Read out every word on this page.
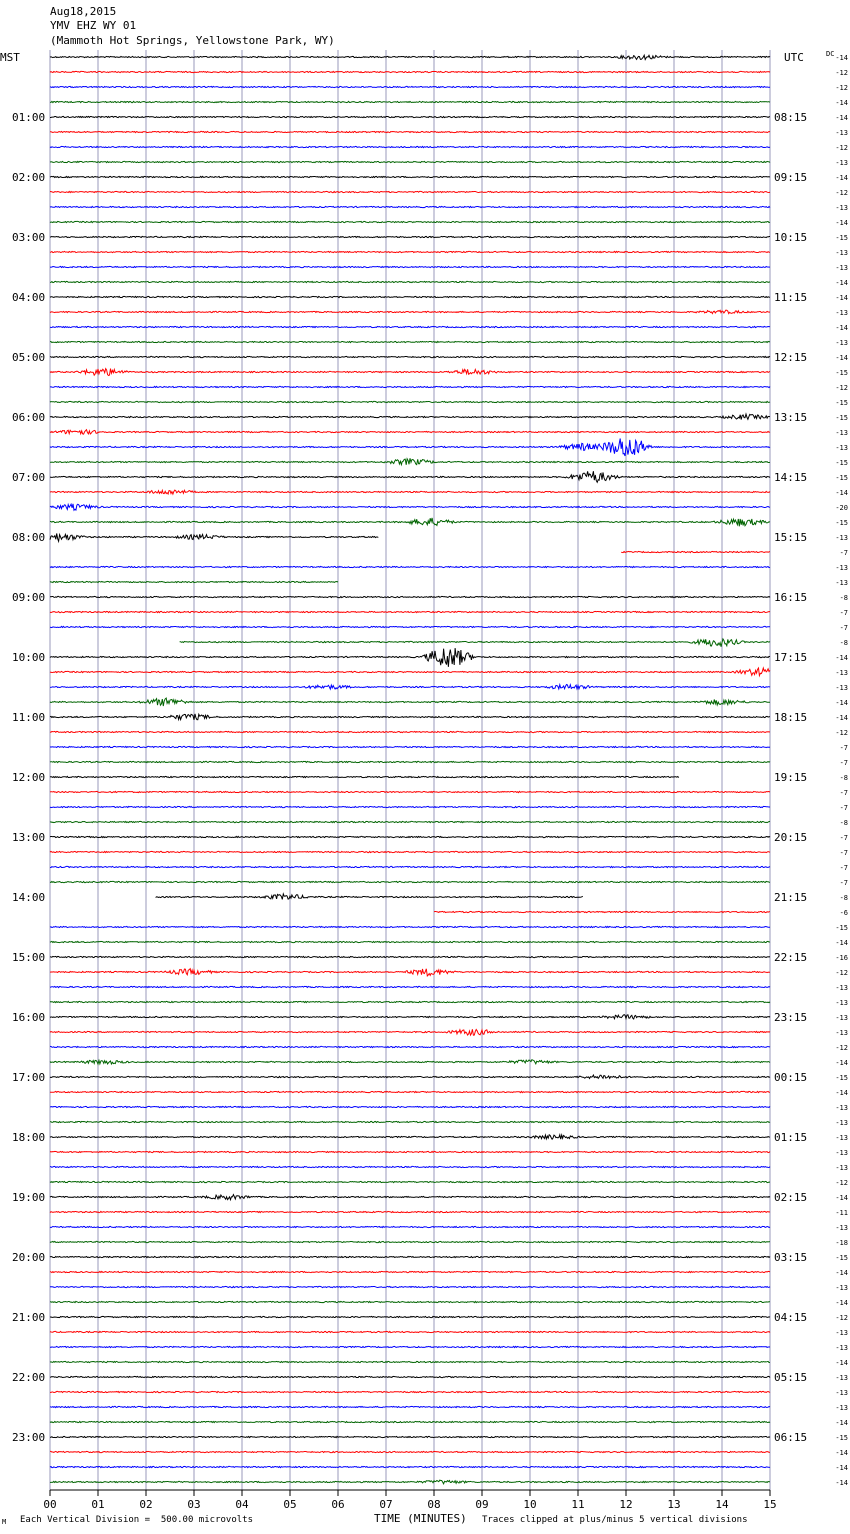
Aug18,2015
YMV EHZ WY 01
(Mammoth Hot Springs, Yellowstone Park, WY)
01:00	08:15
02:00	09:15
03:00	10:15
04:00	11:15
05:00	12:15
06:00	13:15
07:00	14:15
08:00	15:15
09:00	16:15
10:00	17:15
11:00	18:15
12:00	19:15
13:00	20:15
14:00	21:15
15:00	22:15
16:00	23:15
17:00	00:15
18:00	01:15
19:00	02:15
20:00	03:15
21:00	04:15
22:00	05:15
23:00	06:15
MST	UTC	DC -14
-12
-12
-14
-14
-13
-12
-13
-14
-12
-13
-14
-15
-13
-13
-14
-14
-13
-14
-13
-14
-15
-12
-15
-15
-13
-13
-15
-15
-14
-20
-15
-13
-7
-13
-13
-8
-7
-7
-8
-14
-13
-13
-14
-14
-12
-7
-7
-8
-7
-7
-8
-7
-7
-7
-7
-8
-6
-15
-14
-16
-12
-13
-13
-13
-13
-12
-14
-15
-14
-13
-13
-13
-13
-13
-12
-14
-11
-13
-18
-15
-14
-13
-14
-12
-13
-13
-14
-13
-13
-13
-14
-15
-14
-14
-14
00	01	02	03	04	05	06	07	08	09	10	11	12	13	14	15
M Each Vertical Division =  500.00 microvolts	TIME (MINUTES) Traces clipped at plus/minus 5 vertical divisions
